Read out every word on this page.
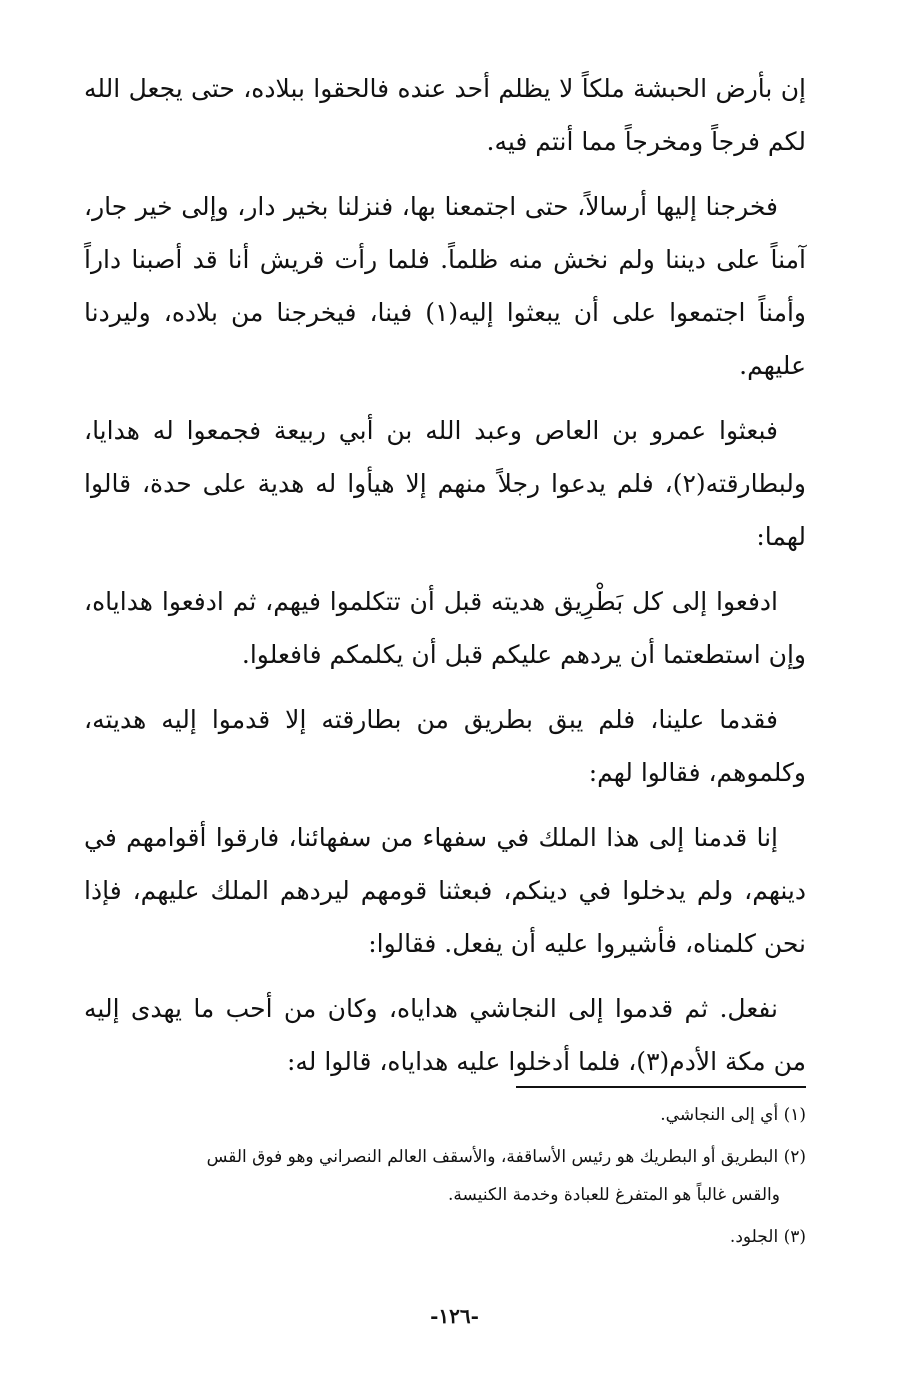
إن بأرض الحبشة ملكاً لا يظلم أحد عنده فالحقوا ببلاده، حتى يجعل الله لكم فرجاً ومخرجاً مما أنتم فيه.

فخرجنا إليها أرسالاً، حتى اجتمعنا بها، فنزلنا بخير دار، وإلى خير جار، آمناً على ديننا ولم نخش منه ظلماً. فلما رأت قريش أنا قد أصبنا داراً وأمناً اجتمعوا على أن يبعثوا إليه(١) فينا، فيخرجنا من بلاده، وليردنا عليهم.

فبعثوا عمرو بن العاص وعبد الله بن أبي ربيعة فجمعوا له هدايا، ولبطارقته(٢)، فلم يدعوا رجلاً منهم إلا هيأوا له هدية على حدة، قالوا لهما:

ادفعوا إلى كل بَطْرِيق هديته قبل أن تتكلموا فيهم، ثم ادفعوا هداياه، وإن استطعتما أن يردهم عليكم قبل أن يكلمكم فافعلوا.

فقدما علينا، فلم يبق بطريق من بطارقته إلا قدموا إليه هديته، وكلموهم، فقالوا لهم:

إنا قدمنا إلى هذا الملك في سفهاء من سفهائنا، فارقوا أقوامهم في دينهم، ولم يدخلوا في دينكم، فبعثنا قومهم ليردهم الملك عليهم، فإذا نحن كلمناه، فأشيروا عليه أن يفعل. فقالوا:

نفعل. ثم قدموا إلى النجاشي هداياه، وكان من أحب ما يهدى إليه من مكة الأدم(٣)، فلما أدخلوا عليه هداياه، قالوا له:

(١) أي إلى النجاشي.

(٢) البطريق أو البطريك هو رئيس الأساقفة، والأسقف العالم النصراني وهو فوق القس
والقس غالباً هو المتفرغ للعبادة وخدمة الكنيسة.

(٣) الجلود.

-١٢٦-
